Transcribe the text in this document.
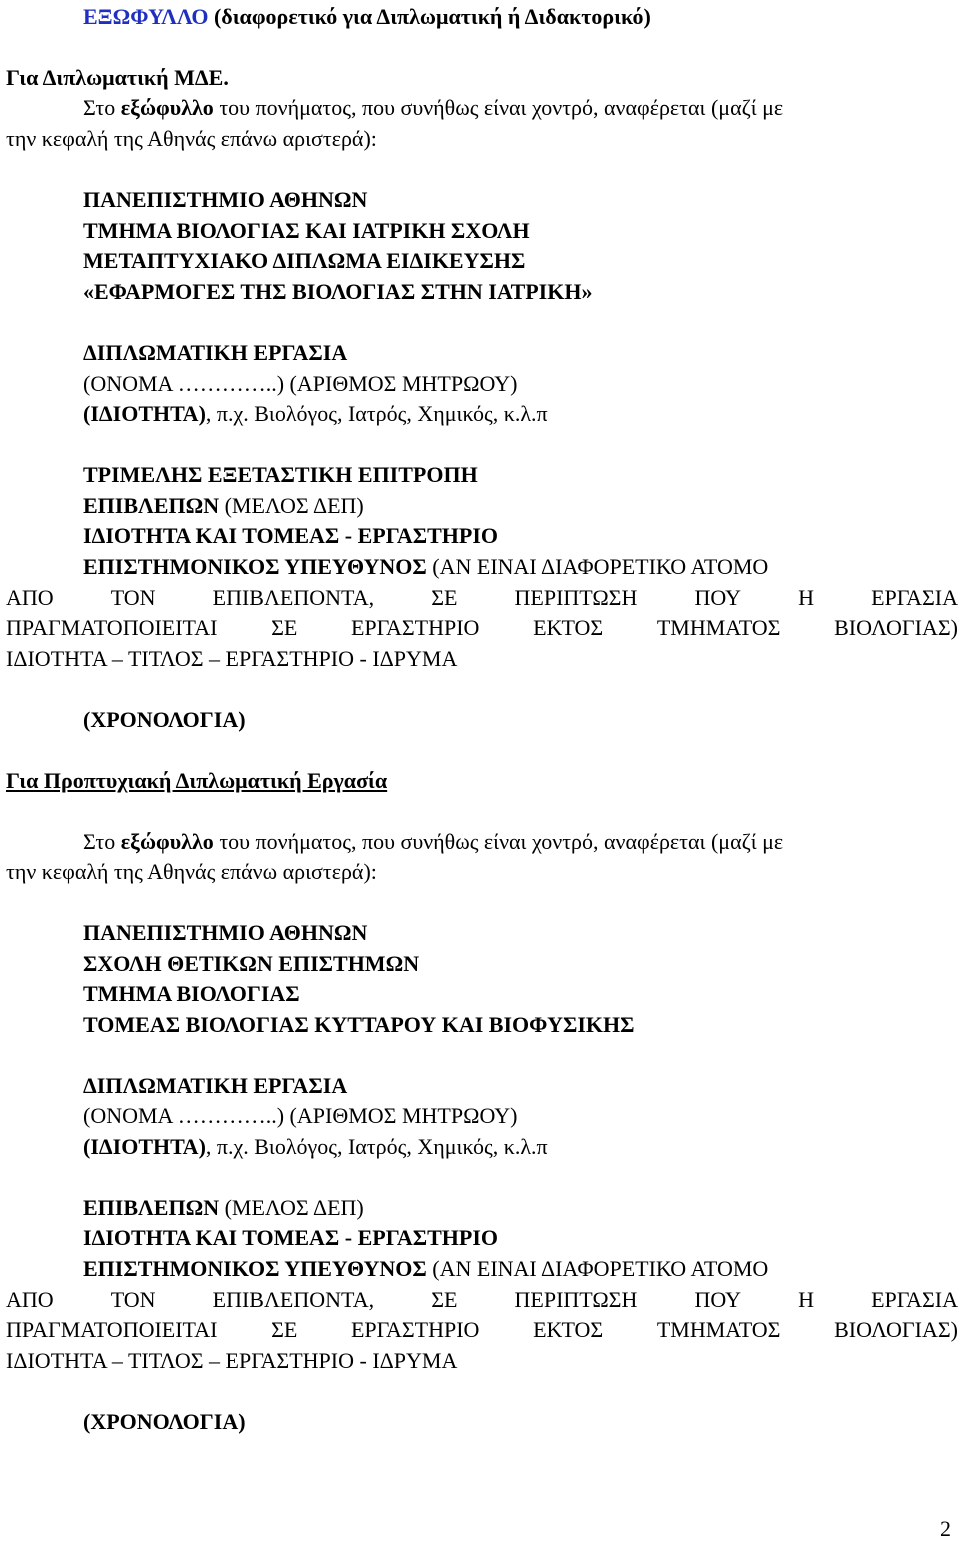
ΕΞΩΦΥΛΛΟ (διαφορετικό για Διπλωματική ή Διδακτορικό)
Για Διπλωματική ΜΔΕ.
Στο εξώφυλλο του πονήματος, που συνήθως είναι χοντρό, αναφέρεται (μαζί με
την κεφαλή της Αθηνάς επάνω αριστερά):
ΠΑΝΕΠΙΣΤΗΜΙΟ ΑΘΗΝΩΝ
ΤΜΗΜΑ ΒΙΟΛΟΓΙΑΣ ΚΑΙ ΙΑΤΡΙΚΗ ΣΧΟΛΗ
ΜΕΤΑΠΤΥΧΙΑΚΟ ΔΙΠΛΩΜΑ ΕΙΔΙΚΕΥΣΗΣ
«ΕΦΑΡΜΟΓΕΣ ΤΗΣ ΒΙΟΛΟΓΙΑΣ ΣΤΗΝ ΙΑΤΡΙΚΗ»
ΔΙΠΛΩΜΑΤΙΚΗ ΕΡΓΑΣΙΑ
(ΟΝΟΜΑ …………..) (ΑΡΙΘΜΟΣ ΜΗΤΡΩΟΥ)
(ΙΔΙΟΤΗΤΑ), π.χ. Βιολόγος, Ιατρός, Χημικός, κ.λ.π
ΤΡΙΜΕΛΗΣ ΕΞΕΤΑΣΤΙΚΗ ΕΠΙΤΡΟΠΗ
ΕΠΙΒΛΕΠΩΝ (ΜΕΛΟΣ ΔΕΠ)
ΙΔΙΟΤΗΤΑ ΚΑΙ ΤΟΜΕΑΣ - ΕΡΓΑΣΤΗΡΙΟ
ΕΠΙΣΤΗΜΟΝΙΚΟΣ ΥΠΕΥΘΥΝΟΣ (ΑΝ ΕΙΝΑΙ ΔΙΑΦΟΡΕΤΙΚΟ ΑΤΟΜΟ
ΑΠΟ	ΤΟΝ	ΕΠΙΒΛΕΠΟΝΤΑ,	ΣΕ	ΠΕΡΙΠΤΩΣΗ	ΠΟΥ	Η	ΕΡΓΑΣΙΑ
ΠΡΑΓΜΑΤΟΠΟΙΕΙΤΑΙ ΣΕ ΕΡΓΑΣΤΗΡΙΟ ΕΚΤΟΣ ΤΜΗΜΑΤΟΣ ΒΙΟΛΟΓΙΑΣ)
ΙΔΙΟΤΗΤΑ – ΤΙΤΛΟΣ – ΕΡΓΑΣΤΗΡΙΟ - ΙΔΡΥΜΑ
(ΧΡΟΝΟΛΟΓΙΑ)
Για Προπτυχιακή Διπλωματική Εργασία
Στο εξώφυλλο του πονήματος, που συνήθως είναι χοντρό, αναφέρεται (μαζί με
την κεφαλή της Αθηνάς επάνω αριστερά):
ΠΑΝΕΠΙΣΤΗΜΙΟ ΑΘΗΝΩΝ
ΣΧΟΛΗ ΘΕΤΙΚΩΝ ΕΠΙΣΤΗΜΩΝ
ΤΜΗΜΑ ΒΙΟΛΟΓΙΑΣ
ΤΟΜΕΑΣ ΒΙΟΛΟΓΙΑΣ ΚΥΤΤΑΡΟΥ ΚΑΙ ΒΙΟΦΥΣΙΚΗΣ
ΔΙΠΛΩΜΑΤΙΚΗ ΕΡΓΑΣΙΑ
(ΟΝΟΜΑ …………..) (ΑΡΙΘΜΟΣ ΜΗΤΡΩΟΥ)
(ΙΔΙΟΤΗΤΑ), π.χ. Βιολόγος, Ιατρός, Χημικός, κ.λ.π
ΕΠΙΒΛΕΠΩΝ (ΜΕΛΟΣ ΔΕΠ)
ΙΔΙΟΤΗΤΑ ΚΑΙ ΤΟΜΕΑΣ - ΕΡΓΑΣΤΗΡΙΟ
ΕΠΙΣΤΗΜΟΝΙΚΟΣ ΥΠΕΥΘΥΝΟΣ (ΑΝ ΕΙΝΑΙ ΔΙΑΦΟΡΕΤΙΚΟ ΑΤΟΜΟ
ΑΠΟ	ΤΟΝ	ΕΠΙΒΛΕΠΟΝΤΑ,	ΣΕ	ΠΕΡΙΠΤΩΣΗ	ΠΟΥ	Η	ΕΡΓΑΣΙΑ
ΠΡΑΓΜΑΤΟΠΟΙΕΙΤΑΙ ΣΕ ΕΡΓΑΣΤΗΡΙΟ ΕΚΤΟΣ ΤΜΗΜΑΤΟΣ ΒΙΟΛΟΓΙΑΣ)
ΙΔΙΟΤΗΤΑ – ΤΙΤΛΟΣ – ΕΡΓΑΣΤΗΡΙΟ - ΙΔΡΥΜΑ
(ΧΡΟΝΟΛΟΓΙΑ)
2
